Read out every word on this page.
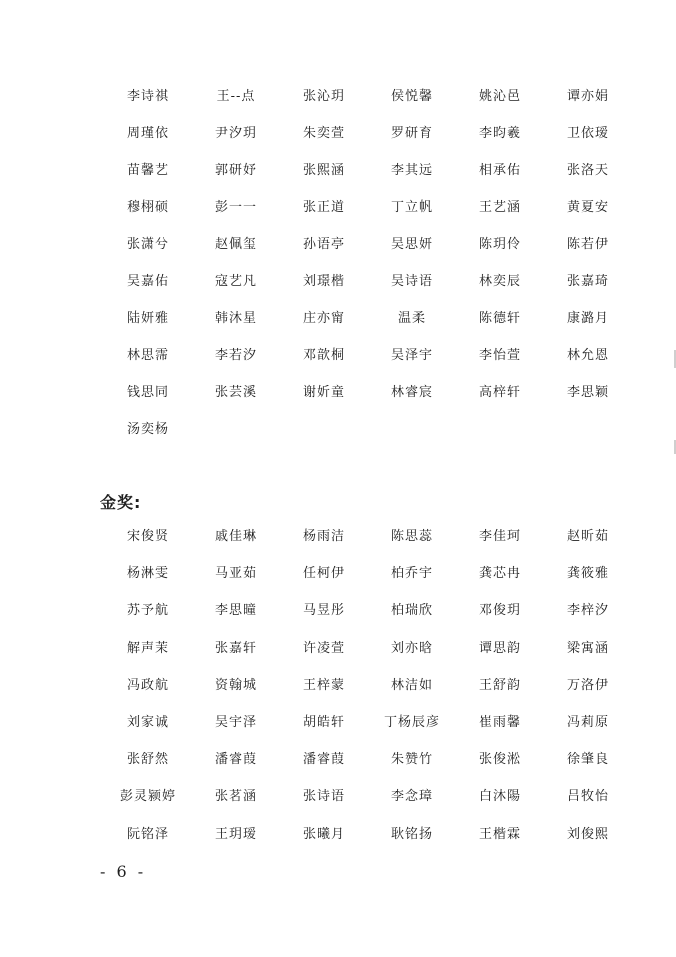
李诗祺	王--点	张沁玥	侯悦馨	姚沁邑	谭亦娟
周瑾依	尹汐玥	朱奕萱	罗研育	李昀羲	卫依瑷
苗馨艺	郭研妤	张熙涵	李其远	相承佑	张洛天
穆栩硕	彭一一	张正道	丁立帆	王艺涵	黄夏安
张潇兮	赵佩玺	孙语亭	吴思妍	陈玥伶	陈若伊
吴嘉佑	寇艺凡	刘璟楷	吴诗语	林奕辰	张嘉琦
陆妍雅	韩沐星	庄亦甯	温柔	陈德轩	康潞月
林思霈	李若汐	邓歆桐	吴泽宇	李怡萱	林允恩
钱思同	张芸溪	谢妡童	林睿宸	高梓轩	李思颖
汤奕杨
金奖:
宋俊贤	戚佳琳	杨雨洁	陈思蕊	李佳珂	赵昕茹
杨淋雯	马亚茹	任柯伊	柏乔宇	龚芯冉	龚筱雅
苏予航	李思曈	马昱彤	柏瑞欣	邓俊玥	李梓汐
解声茉	张嘉轩	许凌萱	刘亦晗	谭思韵	梁寓涵
冯政航	资翰城	王梓蒙	林洁如	王舒韵	万洛伊
刘家诚	吴宇泽	胡皓轩	丁杨辰彦	崔雨馨	冯莉原
张舒然	潘睿葭	潘睿葭	朱赞竹	张俊淞	徐肇良
彭灵颍婷	张茗涵	张诗语	李念璋	白沐陽	吕牧怡
阮铭泽	王玥瑷	张曦月	耿铭扬	王楷霖	刘俊熙
- 6 -
